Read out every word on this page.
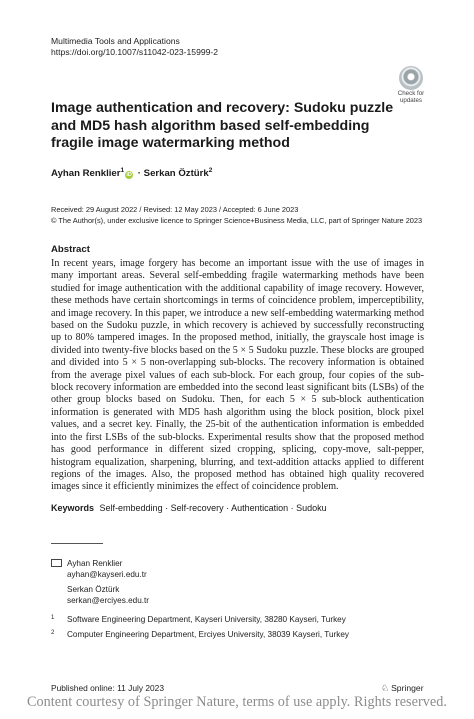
Multimedia Tools and Applications
https://doi.org/10.1007/s11042-023-15999-2
Check for
updates
Image authentication and recovery: Sudoku puzzle and MD5 hash algorithm based self-embedding fragile image watermarking method
Ayhan Renklier$^1$iD · Serkan Öztürk$^2$
Received: 29 August 2022 / Revised: 12 May 2023 / Accepted: 6 June 2023
© The Author(s), under exclusive licence to Springer Science+Business Media, LLC, part of Springer Nature 2023
Abstract
In recent years, image forgery has become an important issue with the use of images in many important areas. Several self-embedding fragile watermarking methods have been studied for image authentication with the additional capability of image recovery. However, these methods have certain shortcomings in terms of coincidence problem, imperceptibility, and image recovery. In this paper, we introduce a new self-embedding watermarking method based on the Sudoku puzzle, in which recovery is achieved by successfully reconstructing up to 80% tampered images. In the proposed method, initially, the grayscale host image is divided into twenty-five blocks based on the 5 × 5 Sudoku puzzle. These blocks are grouped and divided into 5 × 5 non-overlapping sub-blocks. The recovery information is obtained from the average pixel values of each sub-block. For each group, four copies of the sub-block recovery information are embedded into the second least significant bits (LSBs) of the other group blocks based on Sudoku. Then, for each 5 × 5 sub-block authentication information is generated with MD5 hash algorithm using the block position, block pixel values, and a secret key. Finally, the 25-bit of the authentication information is embedded into the first LSBs of the sub-blocks. Experimental results show that the proposed method has good performance in different sized cropping, splicing, copy-move, salt-pepper, histogram equalization, sharpening, blurring, and text-addition attacks applied to different regions of the images. Also, the proposed method has obtained high quality recovered images since it efficiently minimizes the effect of coincidence problem.
Keywords Self-embedding · Self-recovery · Authentication · Sudoku
Ayhan Renklier
ayhan@kayseri.edu.tr
Serkan Öztürk
serkan@erciyes.edu.tr
1 Software Engineering Department, Kayseri University, 38280 Kayseri, Turkey
2 Computer Engineering Department, Erciyes University, 38039 Kayseri, Turkey
Published online: 11 July 2023	♘ Springer
Content courtesy of Springer Nature, terms of use apply. Rights reserved.
